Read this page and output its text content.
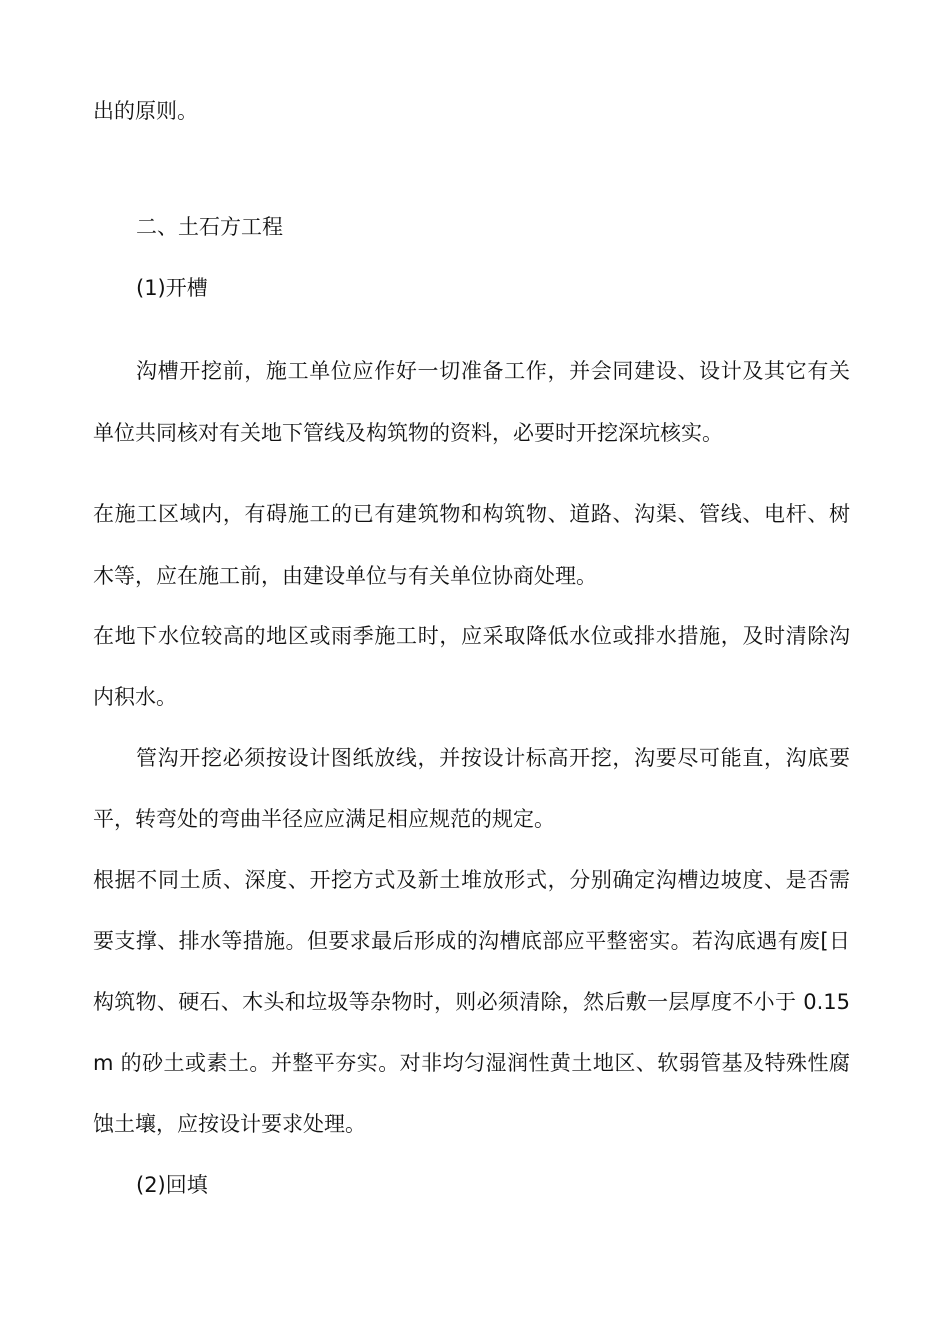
出的原则。

二、土石方工程

(1)开槽

沟槽开挖前，施工单位应作好一切准备工作，并会同建设、设计及其它有关

单位共同核对有关地下管线及构筑物的资料，必要时开挖深坑核实。

在施工区域内，有碍施工的已有建筑物和构筑物、道路、沟渠、管线、电杆、树

木等，应在施工前，由建设单位与有关单位协商处理。

在地下水位较高的地区或雨季施工时，应采取降低水位或排水措施，及时清除沟

内积水。

管沟开挖必须按设计图纸放线，并按设计标高开挖，沟要尽可能直，沟底要

平，转弯处的弯曲半径应应满足相应规范的规定。

根据不同土质、深度、开挖方式及新土堆放形式，分别确定沟槽边坡度、是否需

要支撑、排水等措施。但要求最后形成的沟槽底部应平整密实。若沟底遇有废[日

构筑物、硬石、木头和垃圾等杂物时，则必须清除，然后敷一层厚度不小于 0.15

m 的砂土或素土。并整平夯实。对非均匀湿润性黄土地区、软弱管基及特殊性腐

蚀土壤，应按设计要求处理。

(2)回填
